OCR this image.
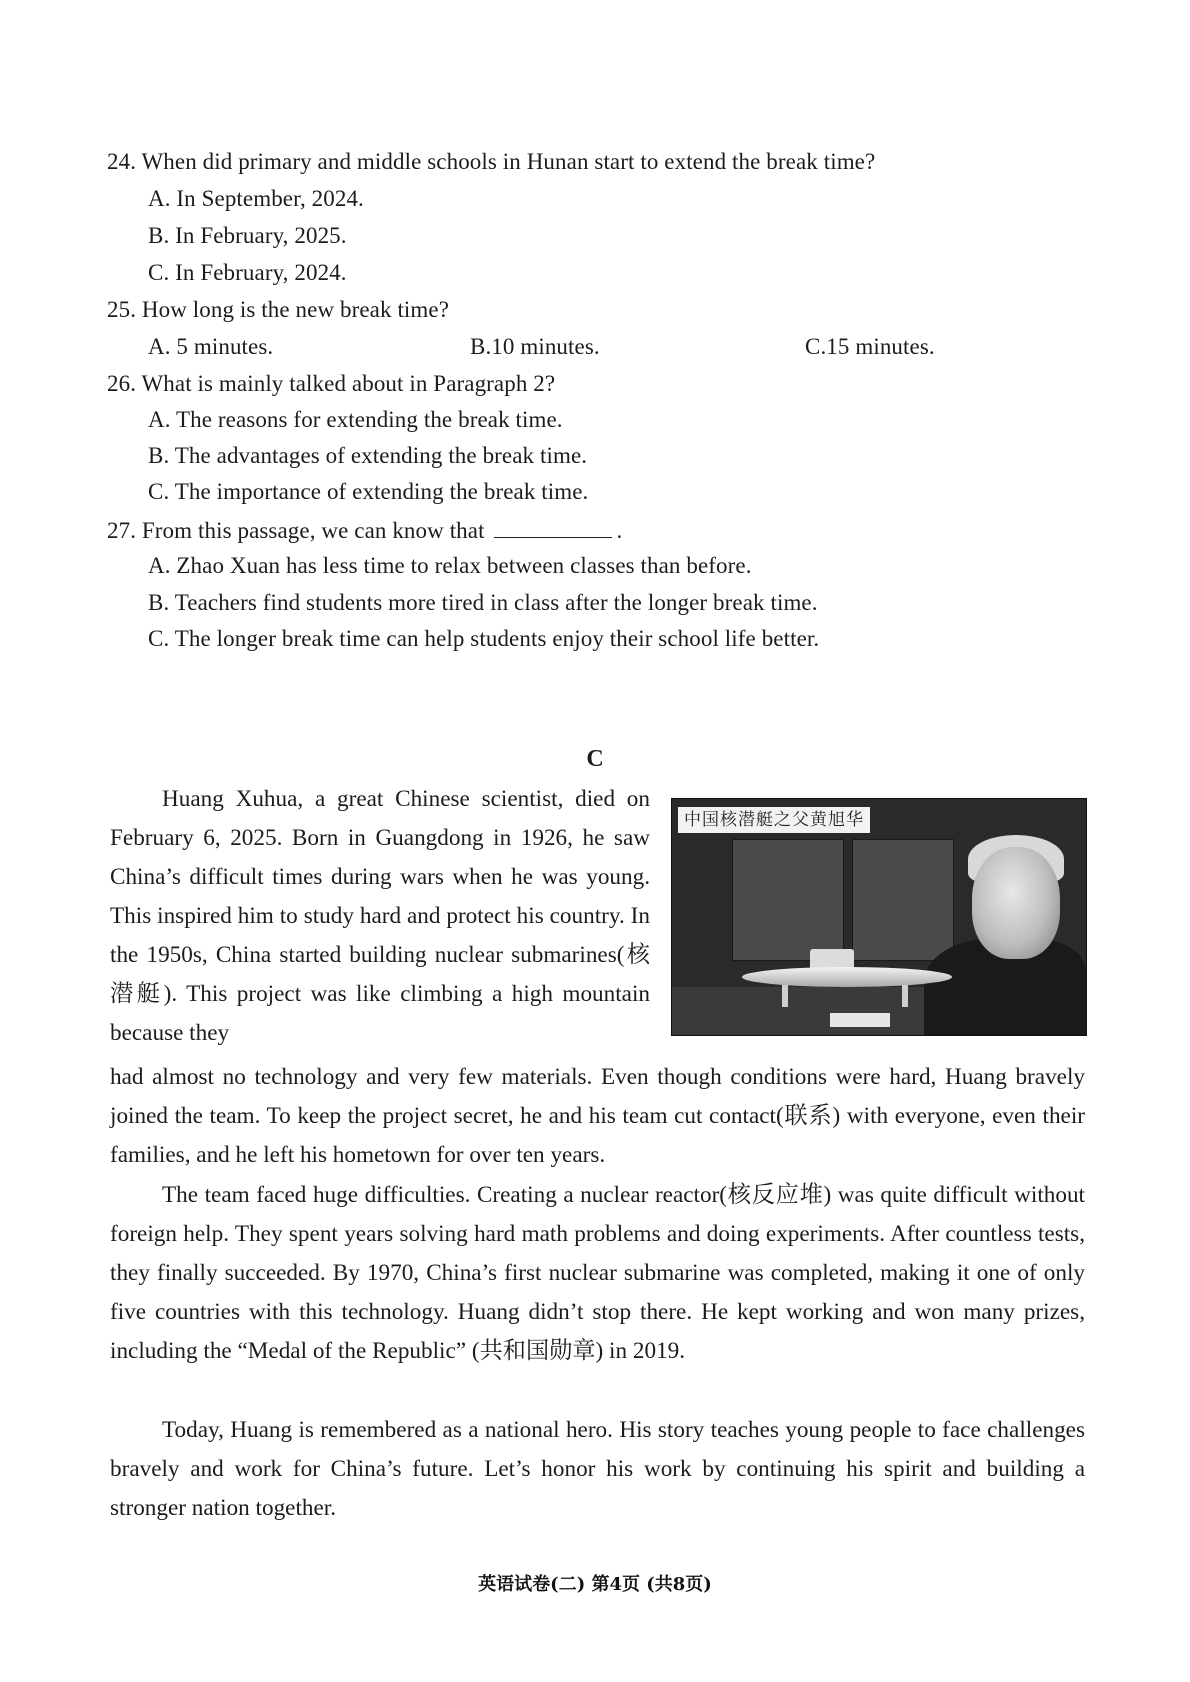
24. When did primary and middle schools in Hunan start to extend the break time?
A. In September, 2024.
B. In February, 2025.
C. In February, 2024.
25. How long is the new break time?
A. 5 minutes.	B.10 minutes.	C.15 minutes.
26. What is mainly talked about in Paragraph 2?
A. The reasons for extending the break time.
B. The advantages of extending the break time.
C. The importance of extending the break time.
27. From this passage, we can know that	.
A. Zhao Xuan has less time to relax between classes than before.
B. Teachers find students more tired in class after the longer break time.
C. The longer break time can help students enjoy their school life better.
C

Huang Xuhua, a great Chinese scientist, died on February 6, 2025. Born in Guangdong in 1926, he saw China’s difficult times during wars when he was young. This inspired him to study hard and protect his country. In the 1950s, China started building nuclear submarines(核潜艇). This project was like climbing a high mountain because they

中国核潜艇之父黄旭华

had almost no technology and very few materials. Even though conditions were hard, Huang bravely joined the team. To keep the project secret, he and his team cut contact(联系) with everyone, even their families, and he left his hometown for over ten years.

The team faced huge difficulties. Creating a nuclear reactor(核反应堆) was quite difficult without foreign help. They spent years solving hard math problems and doing experiments. After countless tests, they finally succeeded. By 1970, China’s first nuclear submarine was completed, making it one of only five countries with this technology. Huang didn’t stop there. He kept working and won many prizes, including the “Medal of the Republic” (共和国勋章) in 2019.

Today, Huang is remembered as a national hero. His story teaches young people to face challenges bravely and work for China’s future. Let’s honor his work by continuing his spirit and building a stronger nation together.

英语试卷(二) 第4页 (共8页)
